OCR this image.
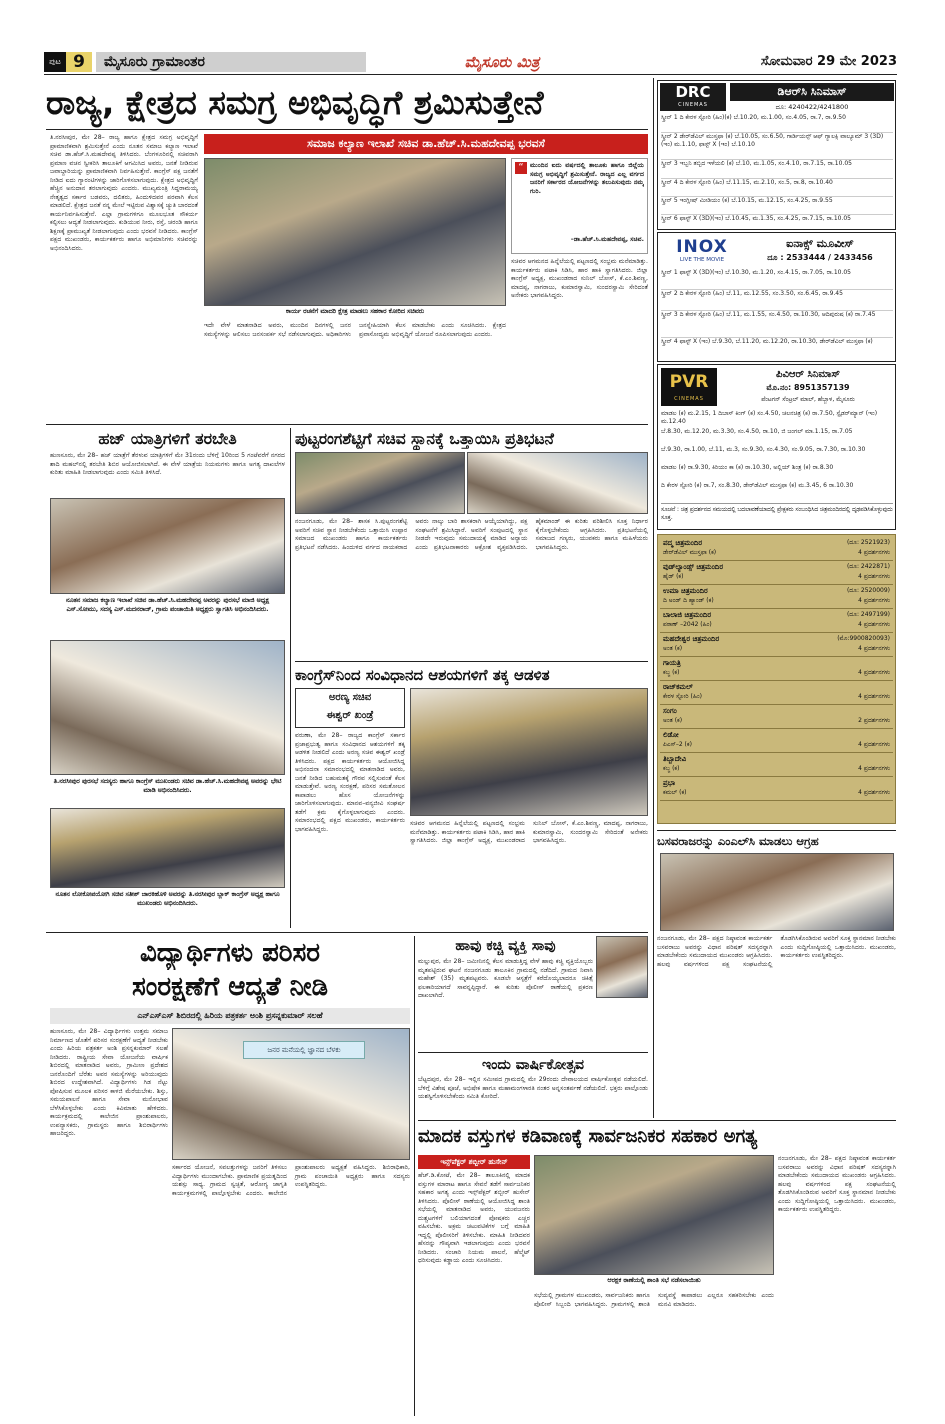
ಪುಟ 9	ಮೈಸೂರು ಗ್ರಾಮಾಂತರ	ಮೈಸೂರು ಮಿತ್ರ	ಸೋಮವಾರ 29 ಮೇ 2023
ರಾಜ್ಯ, ಕ್ಷೇತ್ರದ ಸಮಗ್ರ ಅಭಿವೃದ್ಧಿಗೆ ಶ್ರಮಿಸುತ್ತೇನೆ
ತಿ.ನರಸೀಪುರ, ಮೇ 28– ರಾಜ್ಯ ಹಾಗೂ ಕ್ಷೇತ್ರದ ಸಮಗ್ರ ಅಭಿವೃದ್ಧಿಗೆ ಪ್ರಾಮಾಣಿಕವಾಗಿ ಶ್ರಮಿಸುತ್ತೇನೆ ಎಂದು ನೂತನ ಸಮಾಜ ಕಲ್ಯಾಣ ಇಲಾಖೆ ಸಚಿವ ಡಾ.ಹೆಚ್.ಸಿ.ಮಹದೇವಪ್ಪ ತಿಳಿಸಿದರು. ಬೆಂಗಳೂರಿನಲ್ಲಿ ಸಚಿವರಾಗಿ ಪ್ರಮಾಣ ವಚನ ಸ್ವೀಕರಿಸಿ ತಾಲೂಕಿಗೆ ಆಗಮಿಸಿದ ಅವರು, ಜನತೆ ನೀಡಿರುವ ಜವಾಬ್ದಾರಿಯನ್ನು ಪ್ರಾಮಾಣಿಕವಾಗಿ ನಿರ್ವಹಿಸುತ್ತೇನೆ. ಕಾಂಗ್ರೆಸ್ ಪಕ್ಷ ಜನತೆಗೆ ನೀಡಿದ ಐದು ಗ್ಯಾರಂಟಿಗಳನ್ನು ಜಾರಿಗೊಳಿಸಲಾಗುವುದು. ಕ್ಷೇತ್ರದ ಅಭಿವೃದ್ಧಿಗೆ ಹೆಚ್ಚಿನ ಅನುದಾನ ತರಲಾಗುವುದು ಎಂದರು. ಮುಖ್ಯಮಂತ್ರಿ ಸಿದ್ದರಾಮಯ್ಯ ನೇತೃತ್ವದ ಸರ್ಕಾರ ಬಡವರು, ದಲಿತರು, ಹಿಂದುಳಿದವರ ಪರವಾಗಿ ಕೆಲಸ ಮಾಡಲಿದೆ. ಕ್ಷೇತ್ರದ ಜನತೆ ನನ್ನ ಮೇಲೆ ಇಟ್ಟಿರುವ ವಿಶ್ವಾಸಕ್ಕೆ ಚ್ಯುತಿ ಬಾರದಂತೆ ಕಾರ್ಯನಿರ್ವಹಿಸುತ್ತೇನೆ. ಎಲ್ಲಾ ಗ್ರಾಮಗಳಿಗೂ ಮೂಲಭೂತ ಸೌಕರ್ಯ ಕಲ್ಪಿಸಲು ಆದ್ಯತೆ ನೀಡಲಾಗುವುದು. ಕುಡಿಯುವ ನೀರು, ರಸ್ತೆ, ಚರಂಡಿ ಹಾಗೂ ಶಿಕ್ಷಣಕ್ಕೆ ಪ್ರಾಮುಖ್ಯತೆ ನೀಡಲಾಗುವುದು ಎಂದು ಭರವಸೆ ನೀಡಿದರು. ಕಾಂಗ್ರೆಸ್ ಪಕ್ಷದ ಮುಖಂಡರು, ಕಾರ್ಯಕರ್ತರು ಹಾಗೂ ಅಭಿಮಾನಿಗಳು ಸಚಿವರನ್ನು ಅಭಿನಂದಿಸಿದರು.
ಸಮಾಜ ಕಲ್ಯಾಣ ಇಲಾಖೆ ಸಚಿವ ಡಾ.ಹೆಚ್.ಸಿ.ಮಹದೇವಪ್ಪ ಭರವಸೆ
“	ಮುಂದಿನ ಐದು ವರ್ಷದಲ್ಲಿ ತಾಲೂಕು ಹಾಗೂ ಜಿಲ್ಲೆಯ ಸಮಗ್ರ ಅಭಿವೃದ್ಧಿಗೆ ಶ್ರಮಿಸುತ್ತೇನೆ. ರಾಜ್ಯದ ಎಲ್ಲ ವರ್ಗದ ಜನರಿಗೆ ಸರ್ಕಾರದ ಯೋಜನೆಗಳನ್ನು ತಲುಪಿಸುವುದು ನಮ್ಮ ಗುರಿ.
–ಡಾ.ಹೆಚ್.ಸಿ.ಮಹದೇವಪ್ಪ, ಸಚಿವ.
ಸಚಿವರ ಆಗಮನದ ಹಿನ್ನೆಲೆಯಲ್ಲಿ ಪಟ್ಟಣದಲ್ಲಿ ಸಂಭ್ರಮ ಮನೆಮಾಡಿತ್ತು. ಕಾರ್ಯಕರ್ತರು ಪಟಾಕಿ ಸಿಡಿಸಿ, ಹಾರ ಹಾಕಿ ಸ್ವಾಗತಿಸಿದರು. ಜಿಲ್ಲಾ ಕಾಂಗ್ರೆಸ್ ಅಧ್ಯಕ್ಷ, ಮುಖಂಡರಾದ ಸುನಿಲ್ ಬೋಸ್, ಕೆ.ಎಂ.ಶಿವಣ್ಣ, ಮಾದಪ್ಪ, ನಾಗರಾಜು, ಕುಮಾರಸ್ವಾಮಿ, ಸುಂದರಸ್ವಾಮಿ ಸೇರಿದಂತೆ ಅನೇಕರು ಭಾಗವಹಿಸಿದ್ದರು.
ಕಾರ್ಯ ರಚನೆಗೆ ಮಾದರಿ ಕ್ಷೇತ್ರ ಮಾಡಲು ಸಹಕಾರ ಕೋರಿದ ಸಚಿವರು
ಇದೇ ವೇಳೆ ಮಾತನಾಡಿದ ಅವರು, ಮುಂದಿನ ದಿನಗಳಲ್ಲಿ ಜನರ ಸಮಸ್ಯೆಗಳನ್ನು ಆಲಿಸಲು ಜನಸಂಪರ್ಕ ಸಭೆ ನಡೆಸಲಾಗುವುದು. ಅಧಿಕಾರಿಗಳು ಜನಸ್ನೇಹಿಯಾಗಿ ಕೆಲಸ ಮಾಡಬೇಕು ಎಂದು ಸೂಚಿಸಿದರು. ಕ್ಷೇತ್ರದ ಪ್ರವಾಸೋದ್ಯಮ ಅಭಿವೃದ್ಧಿಗೆ ಯೋಜನೆ ರೂಪಿಸಲಾಗುವುದು ಎಂದರು.
ಹಜ್ ಯಾತ್ರಿಗಳಿಗೆ ತರಬೇತಿ
ಹುಣಸೂರು, ಮೇ 28– ಹಜ್ ಯಾತ್ರೆಗೆ ತೆರಳುವ ಯಾತ್ರಿಗಳಿಗೆ ಮೇ 31ರಂದು ಬೆಳಿಗ್ಗೆ 10ರಿಂದ 5 ಗಂಟೆವರೆಗೆ ನಗರದ ಶಾದಿ ಮಹಲ್‌ನಲ್ಲಿ ತರಬೇತಿ ಶಿಬಿರ ಆಯೋಜಿಸಲಾಗಿದೆ. ಈ ವೇಳೆ ಯಾತ್ರೆಯ ನಿಯಮಗಳು ಹಾಗೂ ಅಗತ್ಯ ದಾಖಲೆಗಳ ಕುರಿತು ಮಾಹಿತಿ ನೀಡಲಾಗುವುದು ಎಂದು ಸಮಿತಿ ತಿಳಿಸಿದೆ.
ನೂತನ ಸಮಾಜ ಕಲ್ಯಾಣ ಇಲಾಖೆ ಸಚಿವ ಡಾ.ಹೆಚ್.ಸಿ.ಮಹದೇವಪ್ಪ ಅವರನ್ನು ಪುರಸಭೆ ಮಾಜಿ ಅಧ್ಯಕ್ಷ ಎಸ್.ಸೋಮು, ಸದಸ್ಯ ಎಸ್.ಮದನರಾಜ್, ಗ್ರಾಮ ಪಂಚಾಯಿತಿ ಅಧ್ಯಕ್ಷರು ಸ್ವಾಗತಿಸಿ ಅಭಿನಂದಿಸಿದರು.
ತಿ.ನರಸೀಪುರ ಪುರಸಭೆ ಸದಸ್ಯರು ಹಾಗೂ ಕಾಂಗ್ರೆಸ್ ಮುಖಂಡರು ಸಚಿವ ಡಾ.ಹೆಚ್.ಸಿ.ಮಹದೇವಪ್ಪ ಅವರನ್ನು ಭೇಟಿ ಮಾಡಿ ಅಭಿನಂದಿಸಿದರು.
ನೂತನ ಲೋಕೋಪಯೋಗಿ ಸಚಿವ ಸತೀಶ್ ಜಾರಕಿಹೊಳಿ ಅವರನ್ನು ತಿ.ನರಸೀಪುರ ಬ್ಲಾಕ್ ಕಾಂಗ್ರೆಸ್ ಅಧ್ಯಕ್ಷ ಹಾಗೂ ಮುಖಂಡರು ಅಭಿನಂದಿಸಿದರು.
ಪುಟ್ಟರಂಗಶೆಟ್ಟಿಗೆ ಸಚಿವ ಸ್ಥಾನಕ್ಕೆ ಒತ್ತಾಯಿಸಿ ಪ್ರತಿಭಟನೆ
ನಂಜನಗೂಡು, ಮೇ 28– ಶಾಸಕ ಸಿ.ಪುಟ್ಟರಂಗಶೆಟ್ಟಿ ಅವರಿಗೆ ಸಚಿವ ಸ್ಥಾನ ನೀಡಬೇಕೆಂದು ಒತ್ತಾಯಿಸಿ ಉಪ್ಪಾರ ಸಮಾಜದ ಮುಖಂಡರು ಹಾಗೂ ಕಾರ್ಯಕರ್ತರು ಪ್ರತಿಭಟನೆ ನಡೆಸಿದರು. ಹಿಂದುಳಿದ ವರ್ಗದ ನಾಯಕರಾದ ಅವರು ನಾಲ್ಕು ಬಾರಿ ಶಾಸಕರಾಗಿ ಆಯ್ಕೆಯಾಗಿದ್ದು, ಪಕ್ಷ ಸಂಘಟನೆಗೆ ಶ್ರಮಿಸಿದ್ದಾರೆ. ಅವರಿಗೆ ಸಂಪುಟದಲ್ಲಿ ಸ್ಥಾನ ನೀಡದೇ ಇರುವುದು ಸಮುದಾಯಕ್ಕೆ ಮಾಡಿದ ಅನ್ಯಾಯ ಎಂದು ಪ್ರತಿಭಟನಾಕಾರರು ಆಕ್ರೋಶ ವ್ಯಕ್ತಪಡಿಸಿದರು. ಹೈಕಮಾಂಡ್ ಈ ಕುರಿತು ಪರಿಶೀಲಿಸಿ ಸೂಕ್ತ ನಿರ್ಧಾರ ಕೈಗೊಳ್ಳಬೇಕೆಂದು ಆಗ್ರಹಿಸಿದರು. ಪ್ರತಿಭಟನೆಯಲ್ಲಿ ಸಮಾಜದ ಗಣ್ಯರು, ಯುವಕರು ಹಾಗೂ ಮಹಿಳೆಯರು ಭಾಗವಹಿಸಿದ್ದರು.
ಕಾಂಗ್ರೆಸ್‌ನಿಂದ ಸಂವಿಧಾನದ ಆಶಯಗಳಿಗೆ ತಕ್ಕ ಆಡಳಿತ
ಅರಣ್ಯ ಸಚಿವ
ಈಶ್ವರ್ ಖಂಡ್ರೆ
ವರುಣಾ, ಮೇ 28– ರಾಜ್ಯದ ಕಾಂಗ್ರೆಸ್ ಸರ್ಕಾರ ಪ್ರಜಾಪ್ರಭುತ್ವ ಹಾಗೂ ಸಂವಿಧಾನದ ಆಶಯಗಳಿಗೆ ತಕ್ಕ ಆಡಳಿತ ನೀಡಲಿದೆ ಎಂದು ಅರಣ್ಯ ಸಚಿವ ಈಶ್ವರ್ ಖಂಡ್ರೆ ತಿಳಿಸಿದರು. ಪಕ್ಷದ ಕಾರ್ಯಕರ್ತರು ಆಯೋಜಿಸಿದ್ದ ಅಭಿನಂದನಾ ಸಮಾರಂಭದಲ್ಲಿ ಮಾತನಾಡಿದ ಅವರು, ಜನತೆ ನೀಡಿದ ಬಹುಮತಕ್ಕೆ ಗೌರವ ಸಲ್ಲಿಸುವಂತೆ ಕೆಲಸ ಮಾಡುತ್ತೇವೆ. ಅರಣ್ಯ ಸಂರಕ್ಷಣೆ, ಪರಿಸರ ಸಮತೋಲನ ಕಾಪಾಡಲು ಹೊಸ ಯೋಜನೆಗಳನ್ನು ಜಾರಿಗೊಳಿಸಲಾಗುವುದು. ಮಾನವ–ವನ್ಯಜೀವಿ ಸಂಘರ್ಷ ತಡೆಗೆ ಕ್ರಮ ಕೈಗೊಳ್ಳಲಾಗುವುದು ಎಂದರು. ಸಮಾರಂಭದಲ್ಲಿ ಪಕ್ಷದ ಮುಖಂಡರು, ಕಾರ್ಯಕರ್ತರು ಭಾಗವಹಿಸಿದ್ದರು.
ಸಚಿವರ ಆಗಮನದ ಹಿನ್ನೆಲೆಯಲ್ಲಿ ಪಟ್ಟಣದಲ್ಲಿ ಸಂಭ್ರಮ ಮನೆಮಾಡಿತ್ತು. ಕಾರ್ಯಕರ್ತರು ಪಟಾಕಿ ಸಿಡಿಸಿ, ಹಾರ ಹಾಕಿ ಸ್ವಾಗತಿಸಿದರು. ಜಿಲ್ಲಾ ಕಾಂಗ್ರೆಸ್ ಅಧ್ಯಕ್ಷ, ಮುಖಂಡರಾದ ಸುನಿಲ್ ಬೋಸ್, ಕೆ.ಎಂ.ಶಿವಣ್ಣ, ಮಾದಪ್ಪ, ನಾಗರಾಜು, ಕುಮಾರಸ್ವಾಮಿ, ಸುಂದರಸ್ವಾಮಿ ಸೇರಿದಂತೆ ಅನೇಕರು ಭಾಗವಹಿಸಿದ್ದರು.
ವಿದ್ಯಾರ್ಥಿಗಳು ಪರಿಸರ
ಸಂರಕ್ಷಣೆಗೆ ಆದ್ಯತೆ ನೀಡಿ
ಎನ್‌ಎಸ್‌ಎಸ್ ಶಿಬಿರದಲ್ಲಿ ಹಿರಿಯ ಪತ್ರಕರ್ತ ಅಂಶಿ ಪ್ರಸನ್ನಕುಮಾರ್ ಸಲಹೆ
ಹುಣಸೂರು, ಮೇ 28– ವಿದ್ಯಾರ್ಥಿಗಳು ಉತ್ತಮ ಸಮಾಜ ನಿರ್ಮಾಣದ ಜೊತೆಗೆ ಪರಿಸರ ಸಂರಕ್ಷಣೆಗೆ ಆದ್ಯತೆ ನೀಡಬೇಕು ಎಂದು ಹಿರಿಯ ಪತ್ರಕರ್ತ ಅಂಶಿ ಪ್ರಸನ್ನಕುಮಾರ್ ಸಲಹೆ ನೀಡಿದರು. ರಾಷ್ಟ್ರೀಯ ಸೇವಾ ಯೋಜನೆಯ ವಾರ್ಷಿಕ ಶಿಬಿರದಲ್ಲಿ ಮಾತನಾಡಿದ ಅವರು, ಗ್ರಾಮೀಣ ಪ್ರದೇಶದ ಜನರೊಂದಿಗೆ ಬೆರೆತು ಅವರ ಸಮಸ್ಯೆಗಳನ್ನು ಅರಿಯುವುದು ಶಿಬಿರದ ಉದ್ದೇಶವಾಗಿದೆ. ವಿದ್ಯಾರ್ಥಿಗಳು ಗಿಡ ನೆಟ್ಟು ಪೋಷಿಸುವ ಮೂಲಕ ಪರಿಸರ ಕಾಳಜಿ ಮೆರೆಯಬೇಕು. ಶಿಸ್ತು, ಸಮಯಪಾಲನೆ ಹಾಗೂ ಸೇವಾ ಮನೋಭಾವ ಬೆಳೆಸಿಕೊಳ್ಳಬೇಕು ಎಂದು ಕಿವಿಮಾತು ಹೇಳಿದರು. ಕಾರ್ಯಕ್ರಮದಲ್ಲಿ ಕಾಲೇಜಿನ ಪ್ರಾಂಶುಪಾಲರು, ಉಪನ್ಯಾಸಕರು, ಗ್ರಾಮಸ್ಥರು ಹಾಗೂ ಶಿಬಿರಾರ್ಥಿಗಳು ಹಾಜರಿದ್ದರು.
ಜನರ ಮನೆಯಲ್ಲಿ ಜ್ಞಾನದ ಬೆಳಕು
ಸರ್ಕಾರದ ಯೋಜನೆ, ಸವಲತ್ತುಗಳನ್ನು ಜನರಿಗೆ ತಿಳಿಸಲು ವಿದ್ಯಾರ್ಥಿಗಳು ಮುಂದಾಗಬೇಕು. ಪ್ರಾಮಾಣಿಕ ಪ್ರಯತ್ನದಿಂದ ಯಶಸ್ಸು ಸಾಧ್ಯ. ಗ್ರಾಮದ ಸ್ವಚ್ಛತೆ, ಆರೋಗ್ಯ ಜಾಗೃತಿ ಕಾರ್ಯಕ್ರಮಗಳಲ್ಲಿ ಪಾಲ್ಗೊಳ್ಳಬೇಕು ಎಂದರು. ಕಾಲೇಜಿನ ಪ್ರಾಂಶುಪಾಲರು ಅಧ್ಯಕ್ಷತೆ ವಹಿಸಿದ್ದರು. ಶಿಬಿರಾಧಿಕಾರಿ, ಗ್ರಾಮ ಪಂಚಾಯಿತಿ ಅಧ್ಯಕ್ಷರು ಹಾಗೂ ಸದಸ್ಯರು ಉಪಸ್ಥಿತರಿದ್ದರು.
ಹಾವು ಕಚ್ಚಿ ವ್ಯಕ್ತಿ ಸಾವು
ಮಲ್ಲುಪುರ, ಮೇ 28– ಜಮೀನಿನಲ್ಲಿ ಕೆಲಸ ಮಾಡುತ್ತಿದ್ದ ವೇಳೆ ಹಾವು ಕಚ್ಚಿ ವ್ಯಕ್ತಿಯೊಬ್ಬರು ಮೃತಪಟ್ಟಿರುವ ಘಟನೆ ನಂಜನಗೂಡು ತಾಲೂಕಿನ ಗ್ರಾಮದಲ್ಲಿ ನಡೆದಿದೆ. ಗ್ರಾಮದ ನಿವಾಸಿ ಮಹೇಶ್ (35) ಮೃತಪಟ್ಟವರು. ಕೂಡಲೇ ಆಸ್ಪತ್ರೆಗೆ ಕರೆದೊಯ್ಯಲಾದರೂ ಚಿಕಿತ್ಸೆ ಫಲಕಾರಿಯಾಗದೆ ಸಾವನ್ನಪ್ಪಿದ್ದಾರೆ. ಈ ಕುರಿತು ಪೊಲೀಸ್ ಠಾಣೆಯಲ್ಲಿ ಪ್ರಕರಣ ದಾಖಲಾಗಿದೆ.
ಇಂದು ವಾರ್ಷಿಕೋತ್ಸವ
ಬೆಟ್ಟದಪುರ, ಮೇ 28– ಇಲ್ಲಿನ ಸಮೀಪದ ಗ್ರಾಮದಲ್ಲಿ ಮೇ 29ರಂದು ದೇವಾಲಯದ ವಾರ್ಷಿಕೋತ್ಸವ ನಡೆಯಲಿದೆ. ಬೆಳಿಗ್ಗೆ ವಿಶೇಷ ಪೂಜೆ, ಅಭಿಷೇಕ ಹಾಗೂ ಮಹಾಮಂಗಳಾರತಿ ನಂತರ ಅನ್ನಸಂತರ್ಪಣೆ ನಡೆಯಲಿದೆ. ಭಕ್ತರು ಪಾಲ್ಗೊಂಡು ಯಶಸ್ವಿಗೊಳಿಸಬೇಕೆಂದು ಸಮಿತಿ ಕೋರಿದೆ.
ಮಾದಕ ವಸ್ತುಗಳ ಕಡಿವಾಣಕ್ಕೆ ಸಾರ್ವಜನಿಕರ ಸಹಕಾರ ಅಗತ್ಯ
ಇನ್ಸ್‌ಪೆಕ್ಟರ್ ಶಬ್ಬೀರ್ ಹುಸೇನ್
ಹೆಚ್.ಡಿ.ಕೋಟೆ, ಮೇ 28– ತಾಲೂಕಿನಲ್ಲಿ ಮಾದಕ ವಸ್ತುಗಳ ಮಾರಾಟ ಹಾಗೂ ಸೇವನೆ ತಡೆಗೆ ಸಾರ್ವಜನಿಕರ ಸಹಕಾರ ಅಗತ್ಯ ಎಂದು ಇನ್ಸ್‌ಪೆಕ್ಟರ್ ಶಬ್ಬೀರ್ ಹುಸೇನ್ ತಿಳಿಸಿದರು. ಪೊಲೀಸ್ ಠಾಣೆಯಲ್ಲಿ ಆಯೋಜಿಸಿದ್ದ ಶಾಂತಿ ಸಭೆಯಲ್ಲಿ ಮಾತನಾಡಿದ ಅವರು, ಯುವಜನರು ದುಶ್ಚಟಗಳಿಗೆ ಬಲಿಯಾಗದಂತೆ ಪೋಷಕರು ಎಚ್ಚರ ವಹಿಸಬೇಕು. ಅಕ್ರಮ ಚಟುವಟಿಕೆಗಳ ಬಗ್ಗೆ ಮಾಹಿತಿ ಇದ್ದಲ್ಲಿ ಪೊಲೀಸರಿಗೆ ತಿಳಿಸಬೇಕು. ಮಾಹಿತಿ ನೀಡಿದವರ ಹೆಸರನ್ನು ಗೌಪ್ಯವಾಗಿ ಇಡಲಾಗುವುದು ಎಂದು ಭರವಸೆ ನೀಡಿದರು. ಸಂಚಾರಿ ನಿಯಮ ಪಾಲನೆ, ಹೆಲ್ಮೆಟ್ ಧರಿಸುವುದು ಕಡ್ಡಾಯ ಎಂದು ಸೂಚಿಸಿದರು.
ಆರಕ್ಷಕ ಠಾಣೆಯಲ್ಲಿ ಶಾಂತಿ ಸಭೆ ನಡೆಸಲಾಯಿತು
ಸಭೆಯಲ್ಲಿ ಗ್ರಾಮಗಳ ಮುಖಂಡರು, ಸಾರ್ವಜನಿಕರು ಹಾಗೂ ಪೊಲೀಸ್ ಸಿಬ್ಬಂದಿ ಭಾಗವಹಿಸಿದ್ದರು. ಗ್ರಾಮಗಳಲ್ಲಿ ಶಾಂತಿ ಸುವ್ಯವಸ್ಥೆ ಕಾಪಾಡಲು ಎಲ್ಲರೂ ಸಹಕರಿಸಬೇಕು ಎಂದು ಮನವಿ ಮಾಡಿದರು.
ನಂಜನಗೂಡು, ಮೇ 28– ಪಕ್ಷದ ನಿಷ್ಠಾವಂತ ಕಾರ್ಯಕರ್ತ ಬಸವರಾಜು ಅವರನ್ನು ವಿಧಾನ ಪರಿಷತ್ ಸದಸ್ಯರನ್ನಾಗಿ ಮಾಡಬೇಕೆಂದು ಸಮುದಾಯದ ಮುಖಂಡರು ಆಗ್ರಹಿಸಿದರು. ಹಲವು ವರ್ಷಗಳಿಂದ ಪಕ್ಷ ಸಂಘಟನೆಯಲ್ಲಿ ತೊಡಗಿಸಿಕೊಂಡಿರುವ ಅವರಿಗೆ ಸೂಕ್ತ ಸ್ಥಾನಮಾನ ನೀಡಬೇಕು ಎಂದು ಸುದ್ದಿಗೋಷ್ಠಿಯಲ್ಲಿ ಒತ್ತಾಯಿಸಿದರು. ಮುಖಂಡರು, ಕಾರ್ಯಕರ್ತರು ಉಪಸ್ಥಿತರಿದ್ದರು.
DRC
CINEMAS
ಡಿಆರ್‌ಸಿ ಸಿನಿಮಾಸ್
ದೂ: 4240422/4241800
ಸ್ಕ್ರೀನ್ 1 ದಿ ಕೇರಳ ಸ್ಟೋರಿ (ಹಿಂ)(ಕ) ಬೆ.10.20, ಮ.1.00, ಸಂ.4.05, ರಾ.7, ರಾ.9.50
ಸ್ಕ್ರೀನ್ 2 ಡೇರ್‌ಡೆವಿಲ್ ಮುಸ್ತಫಾ (ಕ) ಬೆ.10.05, ಸಂ.6.50, ಗಾರ್ಡಿಯನ್ಸ್ ಆಫ್ ಗ್ಯಾಲಕ್ಸಿ ವಾಲ್ಯೂಮ್ 3 (3D)(ಇಂ) ಮ.1.10, ಫಾಸ್ಟ್ X (ಇಂ) ಬೆ.10.10
ಸ್ಕ್ರೀನ್ 3 ಇಬ್ಬನಿ ತಬ್ಬಿದ ಇಳೆಯಲಿ (ಕ) ಬೆ.10, ಮ.1.05, ಸಂ.4.10, ರಾ.7.15, ರಾ.10.05
ಸ್ಕ್ರೀನ್ 4 ದಿ ಕೇರಳ ಸ್ಟೋರಿ (ಹಿಂ) ಬೆ.11.15, ಮ.2.10, ಸಂ.5, ರಾ.8, ರಾ.10.40
ಸ್ಕ್ರೀನ್ 5 ಇಂಗ್ಲೀಷ್ ಮೀಡಿಯಂ (ಕ) ಬೆ.10.15, ಮ.12.15, ಸಂ.4.25, ರಾ.9.55
ಸ್ಕ್ರೀನ್ 6 ಫಾಸ್ಟ್ X (3D)(ಇಂ) ಬೆ.10.45, ಮ.1.35, ಸಂ.4.25, ರಾ.7.15, ರಾ.10.05
INOX
LIVE THE MOVIE
ಐನಾಕ್ಸ್ ಮೂವೀಸ್
ದೂ : 2533444 / 2433456
ಸ್ಕ್ರೀನ್ 1 ಫಾಸ್ಟ್ X (3D)(ಇಂ) ಬೆ.10.30, ಮ.1.20, ಸಂ.4.15, ರಾ.7.05, ರಾ.10.05
ಸ್ಕ್ರೀನ್ 2 ದಿ ಕೇರಳ ಸ್ಟೋರಿ (ಹಿಂ) ಬೆ.11, ಮ.12.55, ಸಂ.3.50, ಸಂ.6.45, ರಾ.9.45
ಸ್ಕ್ರೀನ್ 3 ದಿ ಕೇರಳ ಸ್ಟೋರಿ (ಹಿಂ) ಬೆ.11, ಮ.1.55, ಸಂ.4.50, ರಾ.10.30, ಆದಿಪುರುಷ (ಕ) ರಾ.7.45
ಸ್ಕ್ರೀನ್ 4 ಫಾಸ್ಟ್ X (ಇಂ) ಬೆ.9.30, ಬೆ.11.20, ಮ.12.20, ರಾ.10.30, ಡೇರ್‌ಡೆವಿಲ್ ಮುಸ್ತಫಾ (ಕ)
PVR
CINEMAS
ಪಿವಿಆರ್ ಸಿನಿಮಾಸ್
ಮೊ.ನಂ: 8951357139
ಪೆಂಟಗನ್ ಸೆಂಟ್ರಲ್ ಮಾಲ್, ಹೆಬ್ಬಾಳ, ಮೈಸೂರು
ಮಾಡಲ (ಕ) ಮ.2.15, 1 ದಿಬಾಸ್ ಕಿಂಗ್ (ಕ) ಸಂ.4.50, ಚಲನಚಿತ್ರ (ಕ) ರಾ.7.50, ಸ್ಪೈಡರ್‌ಮ್ಯಾನ್ (ಇಂ) ಮ.12.40
ಬೆ.8.30, ಮ.12.20, ಮ.3.30, ಸಂ.4.50, ರಾ.10, ಜಿ ಜಂಗಲ್ ಮಾ.1.15, ರಾ.7.05
ಬೆ.9.30, ರಾ.1.00, ಬೆ.11, ಮ.3, ಸಂ.9.30, ಸಂ.4.30, ಸಂ.9.05, ರಾ.7.30, ರಾ.10.30
ಮಾಡಲ (ಕ) ರಾ.9.30, ಕಿರಿಯಂ ಕಾ (ಕ) ರಾ.10.30, ಅಲ್ಲಿಯ್ ಶಿಂತ್ರ (ಕ) ರಾ.8.30
ದಿ ಕೇರಳ ಸ್ಟೋರಿ (ಕ) ರಾ.7, ಸಂ.8.30, ಡೇರ್‌ಡೆವಿಲ್ ಮುಸ್ತಫಾ (ಕ) ಮ.3.45, 6 ರಾ.10.30
ಸೂಚನೆ : ಚಿತ್ರ ಪ್ರದರ್ಶನದ ಸಮಯದಲ್ಲಿ ಬದಲಾವಣೆಯಾದಲ್ಲಿ ಪ್ರೇಕ್ಷಕರು ಸಂಬಂಧಿಸಿದ ಚಿತ್ರಮಂದಿರದಲ್ಲಿ ದೃಢಪಡಿಸಿಕೊಳ್ಳುವುದು ಸೂಕ್ತ.
ಪದ್ಮ ಚಿತ್ರಮಂದಿರ	(ದೂ: 2521923)
ಡೇರ್‌ಡೆವಿಲ್ ಮುಸ್ತಫಾ (ಕ)	4 ಪ್ರದರ್ಶನಗಳು
ವುಡ್‌ಲ್ಯಾಂಡ್ಸ್ ಚಿತ್ರಮಂದಿರ	(ದೂ: 2422871)
ಹೈಡ್ (ಕ)	4 ಪ್ರದರ್ಶನಗಳು
ಉಮಾ ಚಿತ್ರಮಂದಿರ	(ದೂ: 2520009)
ದಿ ಅಂಡ್ ದಿ ಹ್ಯಾಂಡ್ (ಕ)	4 ಪ್ರದರ್ಶನಗಳು
ಬಾಲಾಜಿ ಚಿತ್ರಮಂದಿರ	(ದೂ: 2497199)
ಪಠಾಣ್ –2042 (ಹಿಂ)	4 ಪ್ರದರ್ಶನಗಳು
ಮಹದೇಶ್ವರ ಚಿತ್ರಮಂದಿರ	(ಮೊ:9900820093)
ಅಂತ (ಕ)	4 ಪ್ರದರ್ಶನಗಳು
ಗಾಯತ್ರಿ
ಕಬ್ಜ (ಕ)	4 ಪ್ರದರ್ಶನಗಳು
ರಾಜ್‌ಕಮಲ್
ಕೇರಳ ಸ್ಟೋರಿ (ಹಿಂ)	4 ಪ್ರದರ್ಶನಗಳು
ಸಂಗಂ
ಅಂತ (ಕ)	2 ಪ್ರದರ್ಶನಗಳು
ಲಿಡೋ
ಪಿಎಸ್–2 (ಕ)	4 ಪ್ರದರ್ಶನಗಳು
ತಿಬ್ಬಾದೇವಿ
ಕಬ್ಜ (ಕ)	4 ಪ್ರದರ್ಶನಗಳು
ಪ್ರಭಾ
ಕಮಲ್ (ಕ)	4 ಪ್ರದರ್ಶನಗಳು
ಬಸವರಾಜರನ್ನು ಎಂಎಲ್‌ಸಿ ಮಾಡಲು ಆಗ್ರಹ
ನಂಜನಗೂಡು, ಮೇ 28– ಪಕ್ಷದ ನಿಷ್ಠಾವಂತ ಕಾರ್ಯಕರ್ತ ಬಸವರಾಜು ಅವರನ್ನು ವಿಧಾನ ಪರಿಷತ್ ಸದಸ್ಯರನ್ನಾಗಿ ಮಾಡಬೇಕೆಂದು ಸಮುದಾಯದ ಮುಖಂಡರು ಆಗ್ರಹಿಸಿದರು. ಹಲವು ವರ್ಷಗಳಿಂದ ಪಕ್ಷ ಸಂಘಟನೆಯಲ್ಲಿ ತೊಡಗಿಸಿಕೊಂಡಿರುವ ಅವರಿಗೆ ಸೂಕ್ತ ಸ್ಥಾನಮಾನ ನೀಡಬೇಕು ಎಂದು ಸುದ್ದಿಗೋಷ್ಠಿಯಲ್ಲಿ ಒತ್ತಾಯಿಸಿದರು. ಮುಖಂಡರು, ಕಾರ್ಯಕರ್ತರು ಉಪಸ್ಥಿತರಿದ್ದರು.
